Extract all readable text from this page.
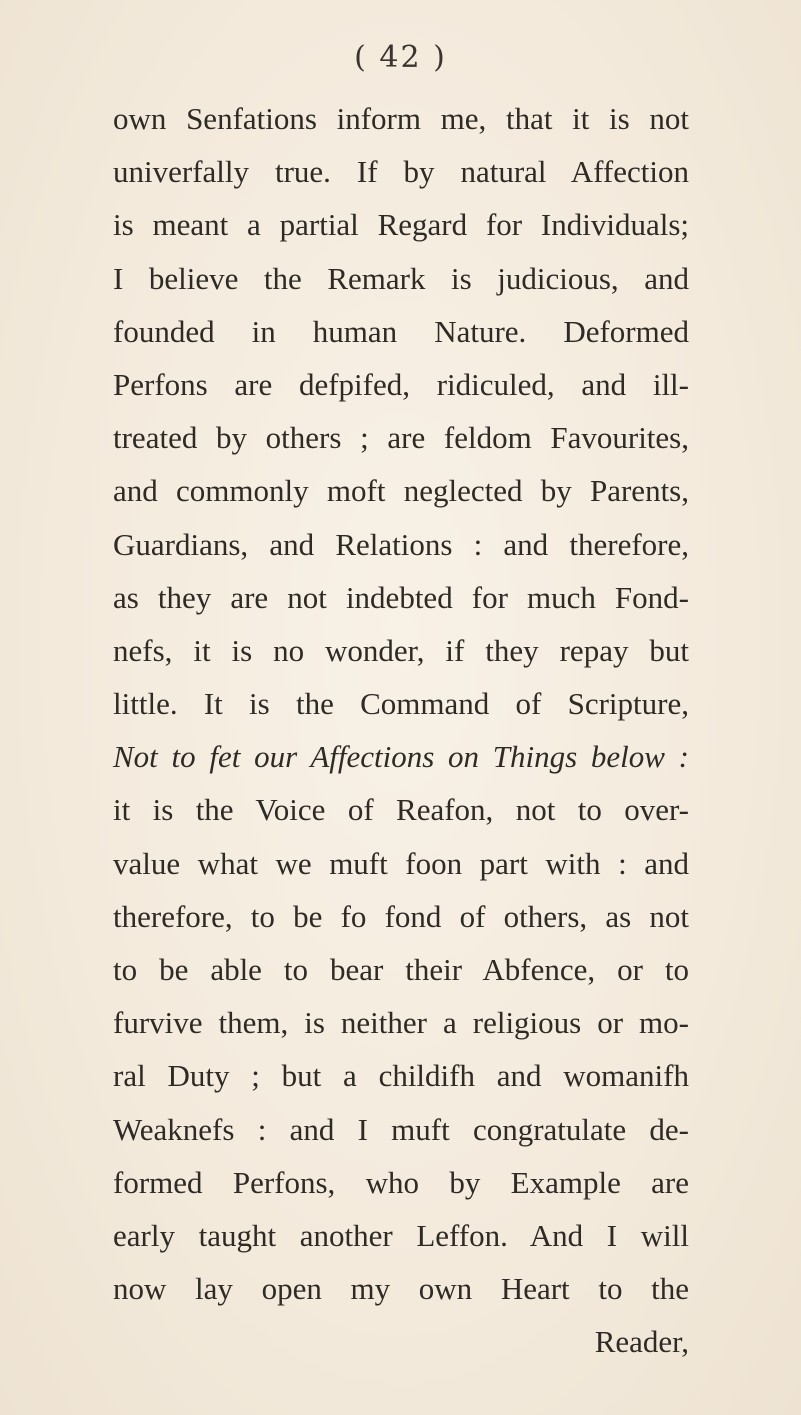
( 42 )
own Senfations inform me, that it is not
univerfally true. If by natural Affection
is meant a partial Regard for Individuals;
I believe the Remark is judicious, and
founded in human Nature. Deformed
Perfons are defpifed, ridiculed, and ill-
treated by others ; are feldom Favourites,
and commonly moft neglected by Parents,
Guardians, and Relations : and therefore,
as they are not indebted for much Fond-
nefs, it is no wonder, if they repay but
little. It is the Command of Scripture,
Not to fet our Affections on Things below :
it is the Voice of Reafon, not to over-
value what we muft foon part with : and
therefore, to be fo fond of others, as not
to be able to bear their Abfence, or to
furvive them, is neither a religious or mo-
ral Duty ; but a childifh and womanifh
Weaknefs : and I muft congratulate de-
formed Perfons, who by Example are
early taught another Leffon. And I will
now lay open my own Heart to the
Reader,
